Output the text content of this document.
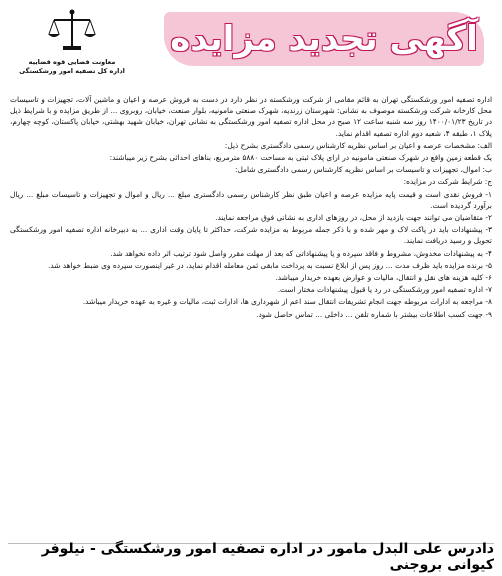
معاونت قضایی قوه قضاییه
اداره کل تصفیه امور ورشکستگی
آگهی تجدید مزایده

اداره تصفیه امور ورشکستگی تهران به قائم مقامی از شرکت ورشکسته در نظر دارد در دست به فروش عرصه و اعیان و ماشین آلات، تجهیزات و تاسیسات محل کارخانه شرکت ورشکسته موصوف به نشانی: شهرستان زرندیه، شهرک صنعتی مامونیه، بلوار صنعت، خیابان، روبروی ... از طریق مزایده و با شرایط ذیل در تاریخ ۱۴۰۰/۰۱/۲۳ روز سه شنبه ساعت ۱۲ صبح در محل اداره تصفیه امور ورشکستگی به نشانی تهران، خیابان شهید بهشتی، خیابان پاکستان، کوچه چهارم، پلاک ۱، طبقه ۴، شعبه دوم اداره تصفیه اقدام نماید.

الف: مشخصات عرصه و اعیان بر اساس نظریه کارشناس رسمی دادگستری بشرح ذیل:

یک قطعه زمین واقع در شهرک صنعتی مامونیه در ارای پلاک ثبتی به مساحت ۵۸۸۰ مترمربع، بناهای احداثی بشرح زیر میباشند:

ب: اموال، تجهیزات و تاسیسات بر اساس نظریه کارشناس رسمی دادگستری شامل:

ج: شرایط شرکت در مزایده:

۱- فروش نقدی است و قیمت پایه مزایده عرصه و اعیان طبق نظر کارشناس رسمی دادگستری مبلغ ... ریال و اموال و تجهیزات و تاسیسات مبلغ ... ریال برآورد گردیده است.

۲- متقاضیان می توانند جهت بازدید از محل، در روزهای اداری به نشانی فوق مراجعه نمایند.

۳- پیشنهادات باید در پاکت لاک و مهر شده و با ذکر جمله مربوط به مزایده شرکت، حداکثر تا پایان وقت اداری ... به دبیرخانه اداره تصفیه امور ورشکستگی تحویل و رسید دریافت نمایند.

۴- به پیشنهادات مخدوش، مشروط و فاقد سپرده و یا پیشنهاداتی که بعد از مهلت مقرر واصل شود ترتیب اثر داده نخواهد شد.

۵- برنده مزایده باید ظرف مدت ... روز پس از ابلاغ نسبت به پرداخت مابقی ثمن معامله اقدام نماید، در غیر اینصورت سپرده وی ضبط خواهد شد.

۶- کلیه هزینه های نقل و انتقال، مالیات و عوارض بعهده خریدار میباشد.

۷- اداره تصفیه امور ورشکستگی در رد یا قبول پیشنهادات مختار است.

۸- مراجعه به ادارات مربوطه جهت انجام تشریفات انتقال سند اعم از شهرداری ها، ادارات ثبت، مالیات و غیره به عهده خریدار میباشد.

۹- جهت کسب اطلاعات بیشتر با شماره تلفن ... داخلی ... تماس حاصل شود.

دادرس علی البدل مامور در اداره تصفیه امور ورشکستگی - نیلوفر کیوانی بروجنی
